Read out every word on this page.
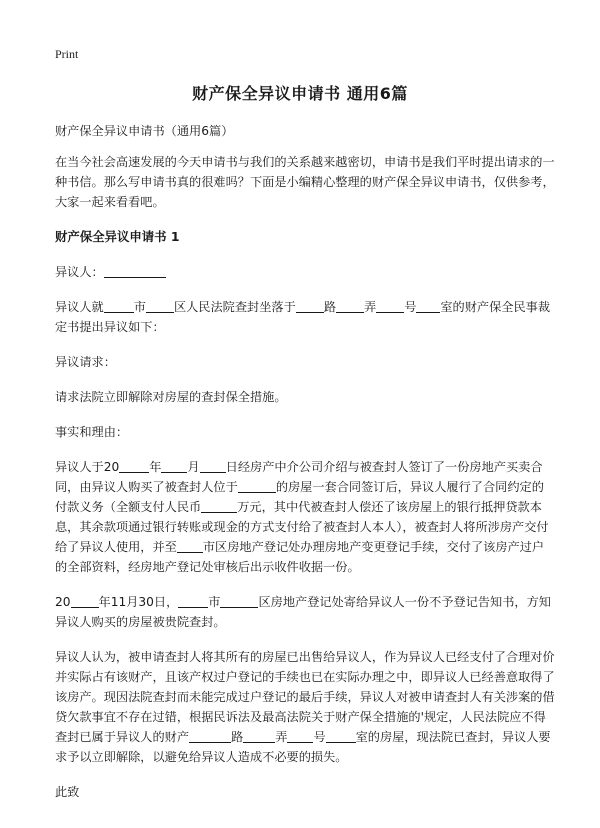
Print
财产保全异议申请书 通用6篇

财产保全异议申请书（通用6篇）

在当今社会高速发展的今天申请书与我们的关系越来越密切，申请书是我们平时提出请求的一种书信。那么写申请书真的很难吗？下面是小编精心整理的财产保全异议申请书，仅供参考，大家一起来看看吧。

财产保全异议申请书 1

异议人：

异议人就 市 区人民法院查封坐落于 路 弄 号 室的财产保全民事裁定书提出异议如下：

异议请求：

请求法院立即解除对房屋的查封保全措施。

事实和理由：

异议人于20 年 月 日经房产中介公司介绍与被查封人签订了一份房地产买卖合同，由异议人购买了被查封人位于	的房屋一套合同签订后，异议人履行了合同约定的付款义务（全额支付人民币	万元，其中代被查封人偿还了该房屋上的银行抵押贷款本息，其余款项通过银行转账或现金的方式支付给了被查封人本人），被查封人将所涉房产交付给了异议人使用，并至 市区房地产登记处办理房地产变更登记手续，交付了该房产过户的全部资料，经房地产登记处审核后出示收件收据一份。

20 年11月30日， 市	区房地产登记处寄给异议人一份不予登记告知书，方知异议人购买的房屋被贵院查封。

异议人认为，被申请查封人将其所有的房屋已出售给异议人，作为异议人已经支付了合理对价并实际占有该财产，且该产权过户登记的手续也已在实际办理之中，即异议人已经善意取得了该房产。现因法院查封而未能完成过户登记的最后手续，异议人对被申请查封人有关涉案的借贷欠款事宜不存在过错，根据民诉法及最高法院关于财产保全措施的'规定，人民法院应不得查封已属于异议人的财产	路	弄 号 室的房屋，现法院已查封，异议人要求予以立即解除，以避免给异议人造成不必要的损失。

此致
